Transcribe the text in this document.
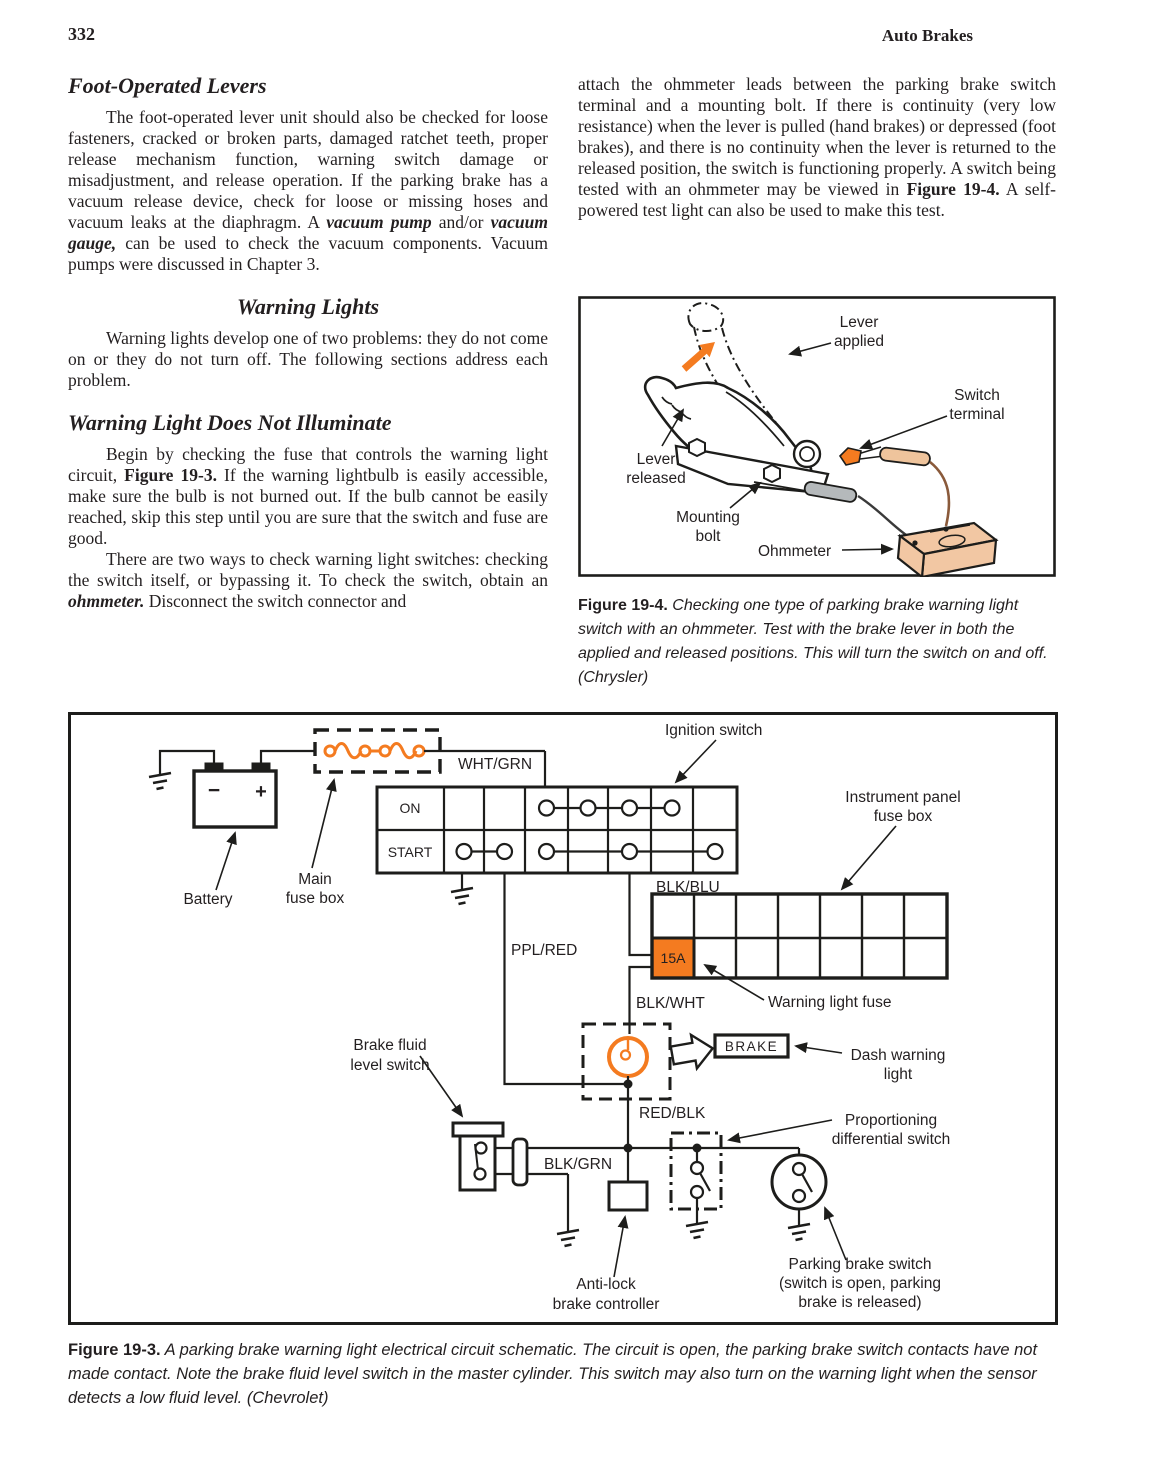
332	Auto Brakes
Foot-Operated Levers

The foot-operated lever unit should also be checked for loose fasteners, cracked or broken parts, damaged ratchet teeth, proper release mechanism function, warning switch damage or misadjustment, and release operation. If the parking brake has a vacuum release device, check for loose or missing hoses and vacuum leaks at the diaphragm. A vacuum pump and/or vacuum gauge, can be used to check the vacuum components. Vacuum pumps were discussed in Chapter 3.

Warning Lights

Warning lights develop one of two problems: they do not come on or they do not turn off. The following sections address each problem.

Warning Light Does Not Illuminate

Begin by checking the fuse that controls the warning light circuit, Figure 19-3. If the warning lightbulb is easily accessible, make sure the bulb is not burned out. If the bulb cannot be easily reached, skip this step until you are sure that the switch and fuse are good.

There are two ways to check warning light switches: checking the switch itself, or bypassing it. To check the switch, obtain an ohmmeter. Disconnect the switch connector and

attach the ohmmeter leads between the parking brake switch terminal and a mounting bolt. If there is continuity (very low resistance) when the lever is pulled (hand brakes) or depressed (foot brakes), and there is no continuity when the lever is returned to the released position, the switch is functioning properly. A switch being tested with an ohmmeter may be viewed in Figure 19-4. A self-powered test light can also be used to make this test.

Lever
applied
Switch
terminal
Lever
released
Mounting
bolt
Ohmmeter
Figure 19-4. Checking one type of parking brake warning light switch with an ohmmeter. Test with the brake lever in both the applied and released positions. This will turn the switch on and off. (Chrysler)
− +
WHT/GRN
ON
START
PPL/RED
BLK/BLU
BLK/WHT
15A
RED/BLK
BRAKE
BLK/GRN
Battery
Main
fuse box
Ignition switch
Instrument panel
fuse box
Warning light fuse
Dash warning
light
Brake fluid
level switch
Proportioning
differential switch
Anti-lock
brake controller
Parking brake switch
(switch is open, parking
brake is released)
Figure 19-3. A parking brake warning light electrical circuit schematic. The circuit is open, the parking brake switch contacts have not made contact. Note the brake fluid level switch in the master cylinder. This switch may also turn on the warning light when the sensor detects a low fluid level. (Chevrolet)
